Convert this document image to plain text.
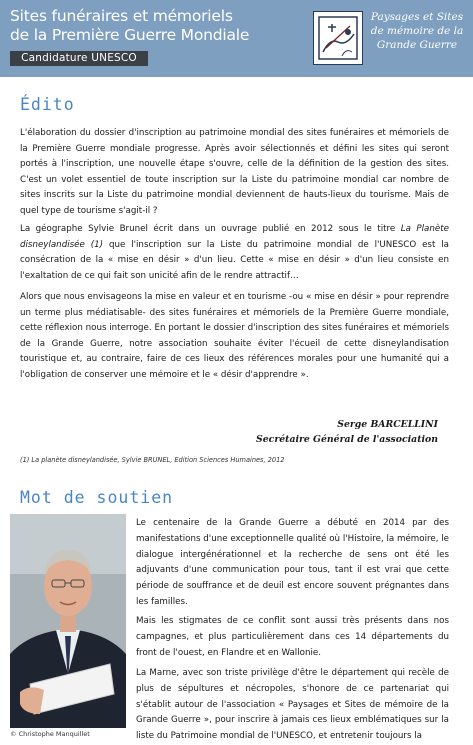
Sites funéraires et mémoriels
de la Première Guerre Mondiale
Candidature UNESCO
Paysages et Sites
de mémoire de la
Grande Guerre
Édito

L'élaboration du dossier d'inscription au patrimoine mondial des sites funéraires et mémoriels de la Première Guerre mondiale progresse. Après avoir sélectionnés et défini les sites qui seront portés à l'inscription, une nouvelle étape s'ouvre, celle de la définition de la gestion des sites. C'est un volet essentiel de toute inscription sur la Liste du patrimoine mondial car nombre de sites inscrits sur la Liste du patrimoine mondial deviennent de hauts-lieux du tourisme. Mais de quel type de tourisme s'agit-il ?

La géographe Sylvie Brunel écrit dans un ouvrage publié en 2012 sous le titre La Planète disneylandisée (1) que l'inscription sur la Liste du patrimoine mondial de l'UNESCO est la consécration de la « mise en désir » d'un lieu. Cette « mise en désir » d'un lieu consiste en l'exaltation de ce qui fait son unicité afin de le rendre attractif…

Alors que nous envisageons la mise en valeur et en tourisme -ou « mise en désir » pour reprendre un terme plus médiatisable- des sites funéraires et mémoriels de la Première Guerre mondiale, cette réflexion nous interroge. En portant le dossier d'inscription des sites funéraires et mémoriels de la Grande Guerre, notre association souhaite éviter l'écueil de cette disneylandisation touristique et, au contraire, faire de ces lieux des références morales pour une humanité qui a l'obligation de conserver une mémoire et le « désir d'apprendre ».

Serge BARCELLINI
Secrétaire Général de l'association
(1) La planète disneylandisée, Sylvie BRUNEL, Edition Sciences Humaines, 2012
Mot de soutien
© Christophe Manquillet

Le centenaire de la Grande Guerre a débuté en 2014 par des manifestations d'une exceptionnelle qualité où l'Histoire, la mémoire, le dialogue intergénérationnel et la recherche de sens ont été les adjuvants d'une communication pour tous, tant il est vrai que cette période de souffrance et de deuil est encore souvent prégnantes dans les familles.

Mais les stigmates de ce conflit sont aussi très présents dans nos campagnes, et plus particulièrement dans ces 14 départements du front de l'ouest, en Flandre et en Wallonie.

La Marne, avec son triste privilège d'être le département qui recèle de plus de sépultures et nécropoles, s'honore de ce partenariat qui s'établit autour de l'association « Paysages et Sites de mémoire de la Grande Guerre », pour inscrire à jamais ces lieux emblématiques sur la liste du Patrimoine mondial de l'UNESCO, et entretenir toujours la
